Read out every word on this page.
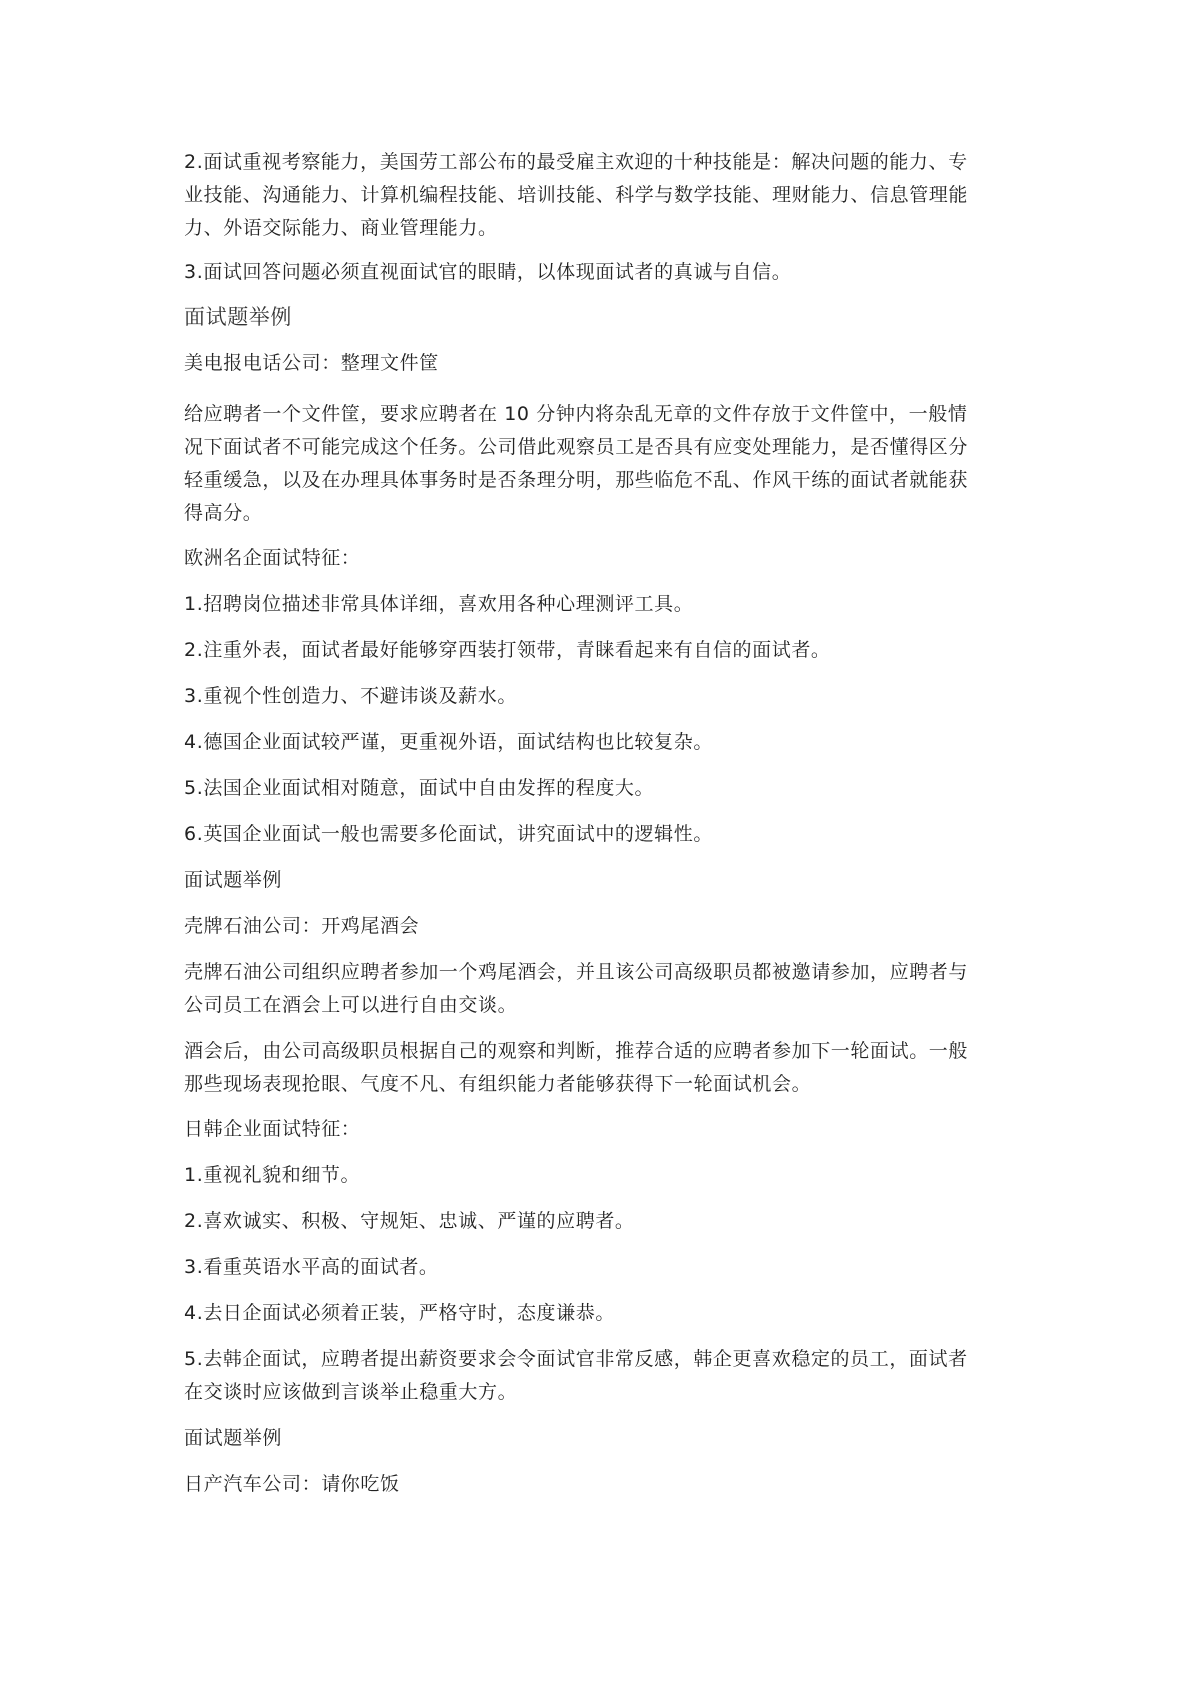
2.面试重视考察能力，美国劳工部公布的最受雇主欢迎的十种技能是：解决问题的能力、专
业技能、沟通能力、计算机编程技能、培训技能、科学与数学技能、理财能力、信息管理能
力、外语交际能力、商业管理能力。
3.面试回答问题必须直视面试官的眼睛，以体现面试者的真诚与自信。
面试题举例
美电报电话公司：整理文件筐
给应聘者一个文件筐，要求应聘者在 10 分钟内将杂乱无章的文件存放于文件筐中，一般情
况下面试者不可能完成这个任务。公司借此观察员工是否具有应变处理能力，是否懂得区分
轻重缓急，以及在办理具体事务时是否条理分明，那些临危不乱、作风干练的面试者就能获
得高分。
欧洲名企面试特征：
1.招聘岗位描述非常具体详细，喜欢用各种心理测评工具。
2.注重外表，面试者最好能够穿西装打领带，青睐看起来有自信的面试者。
3.重视个性创造力、不避讳谈及薪水。
4.德国企业面试较严谨，更重视外语，面试结构也比较复杂。
5.法国企业面试相对随意，面试中自由发挥的程度大。
6.英国企业面试一般也需要多伦面试，讲究面试中的逻辑性。
面试题举例
壳牌石油公司：开鸡尾酒会
壳牌石油公司组织应聘者参加一个鸡尾酒会，并且该公司高级职员都被邀请参加，应聘者与
公司员工在酒会上可以进行自由交谈。
酒会后，由公司高级职员根据自己的观察和判断，推荐合适的应聘者参加下一轮面试。一般
那些现场表现抢眼、气度不凡、有组织能力者能够获得下一轮面试机会。
日韩企业面试特征：
1.重视礼貌和细节。
2.喜欢诚实、积极、守规矩、忠诚、严谨的应聘者。
3.看重英语水平高的面试者。
4.去日企面试必须着正装，严格守时，态度谦恭。
5.去韩企面试，应聘者提出薪资要求会令面试官非常反感，韩企更喜欢稳定的员工，面试者
在交谈时应该做到言谈举止稳重大方。
面试题举例
日产汽车公司：请你吃饭
